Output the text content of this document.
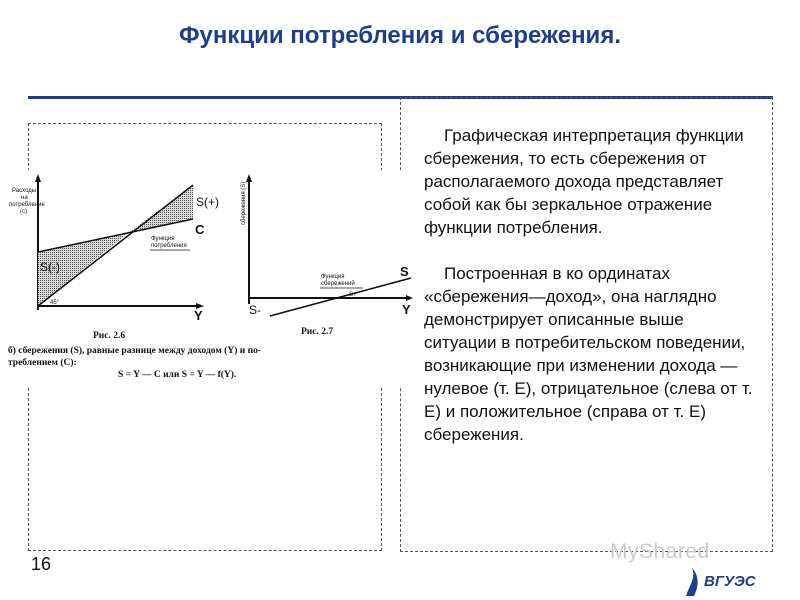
Функции потребления и сбережения.

Графическая интерпретация функции сбережения, то есть сбережения от располагаемого дохода представляет собой как бы зеркальное отражение функции потребления.

Построенная в ко ординатах «сбережения—доход», она наглядно демонстрирует описанные выше ситуации в потребительском поведении, возникающие при изменении дохода — нулевое (т. Е), отрицательное (слева от т. Е) и положительное (справа от т. Е) сбережения.

Расходы
на
потребление
(с)
S(+)
C
Функция
потребления
S(-)
45°
Y
Рис. 2.6
сбережения (S)
Функция
сбережений
S
S+
S-	Y
Рис. 2.7
б) сбережения (S), равные разнице между доходом (Y) и по-
треблением (С):
S = Y — С или S = Y — f(Y).
16
MyShared
ВГУЭС
